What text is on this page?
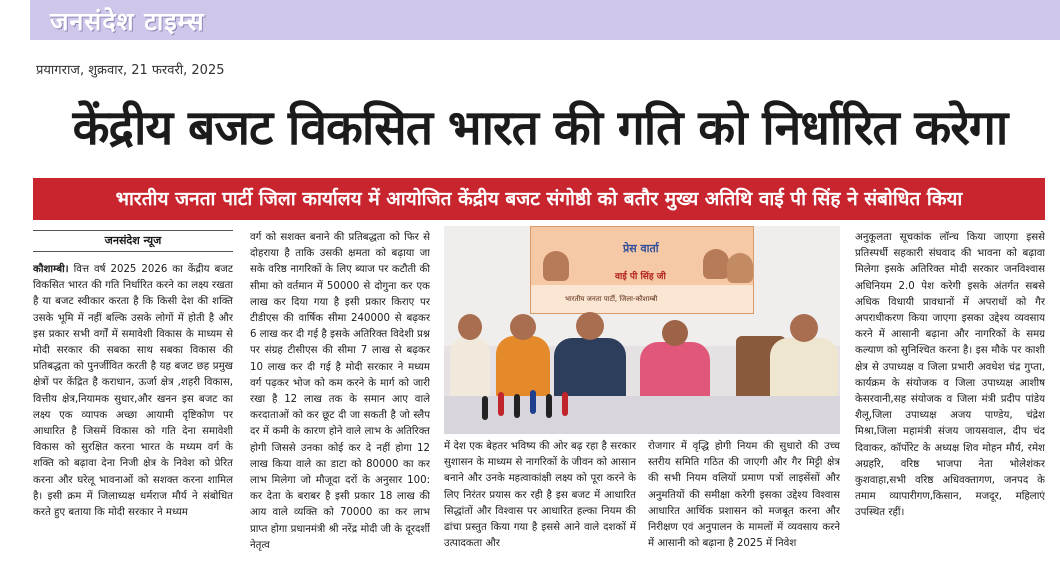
जनसंदेश टाइम्स
प्रयागराज, शुक्रवार, 21 फरवरी, 2025
केंद्रीय बजट विकसित भारत की गति को निर्धारित करेगा
भारतीय जनता पार्टी जिला कार्यालय में आयोजित केंद्रीय बजट संगोष्ठी को बतौर मुख्य अतिथि वाई पी सिंह ने संबोधित किया
जनसंदेश न्यूज
कौशाम्बी। वित्त वर्ष 2025 2026 का केंद्रीय बजट विकसित भारत की गति निर्धारित करने का लक्ष्य रखता है या बजट स्वीकार करता है कि किसी देश की शक्ति उसके भूमि में नहीं बल्कि उसके लोगों में होती है और इस प्रकार सभी वर्गों में समावेशी विकास के माध्यम से मोदी सरकार की सबका साथ सबका विकास की प्रतिबद्धता को पुनर्जीवित करती है यह बजट छह प्रमुख क्षेत्रों पर केंद्रित है कराधान, ऊर्जा क्षेत्र ,शहरी विकास, वित्तीय क्षेत्र,नियामक सुधार,और खनन इस बजट का लक्ष्य एक व्यापक अच्छा आयामी दृष्टिकोण पर आधारित है जिसमें विकास को गति देना समावेशी विकास को सुरक्षित करना भारत के मध्यम वर्ग के शक्ति को बढ़ावा देना निजी क्षेत्र के निवेश को प्रेरित करना और घरेलू भावनाओं को सशक्त करना शामिल है। इसी क्रम में जिलाध्यक्ष धर्मराज मौर्य ने संबोधित करते हुए बताया कि मोदी सरकार ने मध्यम
वर्ग को सशक्त बनाने की प्रतिबद्धता को फिर से दोहराया है ताकि उसकी क्षमता को बढ़ाया जा सके वरिष्ठ नागरिकों के लिए ब्याज पर कटौती की सीमा को वर्तमान में 50000 से दोगुना कर एक लाख कर दिया गया है इसी प्रकार किराए पर टीडीएस की वार्षिक सीमा 240000 से बढ़कर 6 लाख कर दी गई है इसके अतिरिक्त विदेशी प्रश्न पर संग्रह टीसीएस की सीमा 7 लाख से बढ़कर 10 लाख कर दी गई है मोदी सरकार ने मध्यम वर्ग पढ़कर भोज को कम करने के मार्ग को जारी रखा है 12 लाख तक के समान आए वाले करदाताओं को कर छूट दी जा सकती है जो स्लैप दर में कमी के कारण होने वाले लाभ के अतिरिक्त होगी जिससे उनका कोई कर दे नहीं होगा 12 लाख किया वाले का डाटा को 80000 का कर लाभ मिलेगा जो मौजूदा दरों के अनुसार 100: कर देता के बराबर है इसी प्रकार 18 लाख की आय वाले व्यक्ति को 70000 का कर लाभ प्राप्त होगा प्रधानमंत्री श्री नरेंद्र मोदी जी के दूरदर्शी नेतृत्व
प्रेस वार्ता
वाई पी सिंह जी
भारतीय जनता पार्टी, जिला-कौशाम्बी
में देश एक बेहतर भविष्य की ओर बढ़ रहा है सरकार सुशासन के माध्यम से नागरिकों के जीवन को आसान बनाने और उनके महत्वाकांक्षी लक्ष्य को पूरा करने के लिए निरंतर प्रयास कर रही है इस बजट में आधारित सिद्धांतों और विश्वास पर आधारित हल्का नियम की ढांचा प्रस्तुत किया गया है इससे आने वाले दशकों में उत्पादकता और
रोजगार में वृद्धि होगी नियम की सुधारो की उच्च स्तरीय समिति गठित की जाएगी और गैर मिट्टी क्षेत्र की सभी नियम वलियों प्रमाण पत्रों लाइसेंसों और अनुमतियों की समीक्षा करेगी इसका उद्देश्य विश्वास आधारित आर्थिक प्रशासन को मजबूत करना और निरीक्षण एवं अनुपालन के मामलों में व्यवसाय करने में आसानी को बढ़ाना है 2025 में निवेश
अनुकूलता सूचकांक लॉन्च किया जाएगा इससे प्रतिस्पर्धी सहकारी संघवाद की भावना को बढ़ावा मिलेगा इसके अतिरिक्त मोदी सरकार जनविश्वास अधिनियम 2.0 पेश करेगी इसके अंतर्गत सबसे अधिक विधायी प्रावधानों में अपराधों को गैर अपराधीकरण किया जाएगा इसका उद्देश्य व्यवसाय करने में आसानी बढ़ाना और नागरिकों के समग्र कल्याण को सुनिश्चित करना है। इस मौके पर काशी क्षेत्र से उपाध्यक्ष व जिला प्रभारी अवधेश चंद्र गुप्ता, कार्यक्रम के संयोजक व जिला उपाध्यक्ष आशीष केसरवानी,सह संयोजक व जिला मंत्री प्रदीप पांडेय शैलू,जिला उपाध्यक्ष अजय पाण्डेय, चंद्रेश मिश्रा,जिला महामंत्री संजय जायसवाल, दीप चंद दिवाकर, कॉर्पोरेट के अध्यक्ष शिव मोहन मौर्य, रमेश अग्रहरि, वरिष्ठ भाजपा नेता भोलेशंकर कुशवाहा,सभी वरिष्ठ अधिवक्तागण, जनपद के तमाम व्यापारीगण,किसान, मजदूर, महिलाएं उपस्थित रहीं।
